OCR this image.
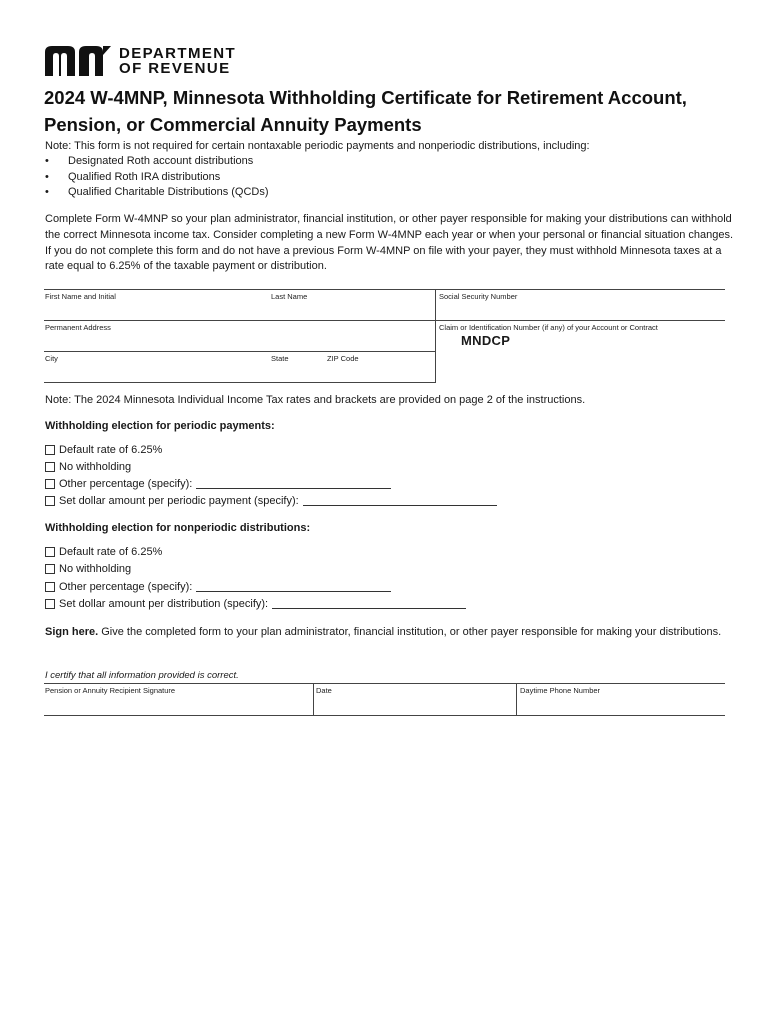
DEPARTMENT
OF REVENUE
2024 W-4MNP, Minnesota Withholding Certificate for Retirement Account, Pension, or Commercial Annuity Payments
Note: This form is not required for certain nontaxable periodic payments and nonperiodic distributions, including:
• Designated Roth account distributions
• Qualified Roth IRA distributions
• Qualified Charitable Distributions (QCDs)

Complete Form W-4MNP so your plan administrator, financial institution, or other payer responsible for making your distributions can withhold the correct Minnesota income tax. Consider completing a new Form W-4MNP each year or when your personal or financial situation changes. If you do not complete this form and do not have a previous Form W-4MNP on file with your payer, they must withhold Minnesota taxes at a rate equal to 6.25% of the taxable payment or distribution.

First Name and Initial	Last Name	Social Security Number
Permanent Address	Claim or Identification Number (if any) of your Account or Contract
MNDCP
City	State	ZIP Code
Note: The 2024 Minnesota Individual Income Tax rates and brackets are provided on page 2 of the instructions.
Withholding election for periodic payments:
Default rate of 6.25%
No withholding
Other percentage (specify):
Set dollar amount per periodic payment (specify):
Withholding election for nonperiodic distributions:
Default rate of 6.25%
No withholding
Other percentage (specify):
Set dollar amount per distribution (specify):

Sign here. Give the completed form to your plan administrator, financial institution, or other payer responsible for making your distributions.

I certify that all information provided is correct.
Pension or Annuity Recipient Signature	Date	Daytime Phone Number
